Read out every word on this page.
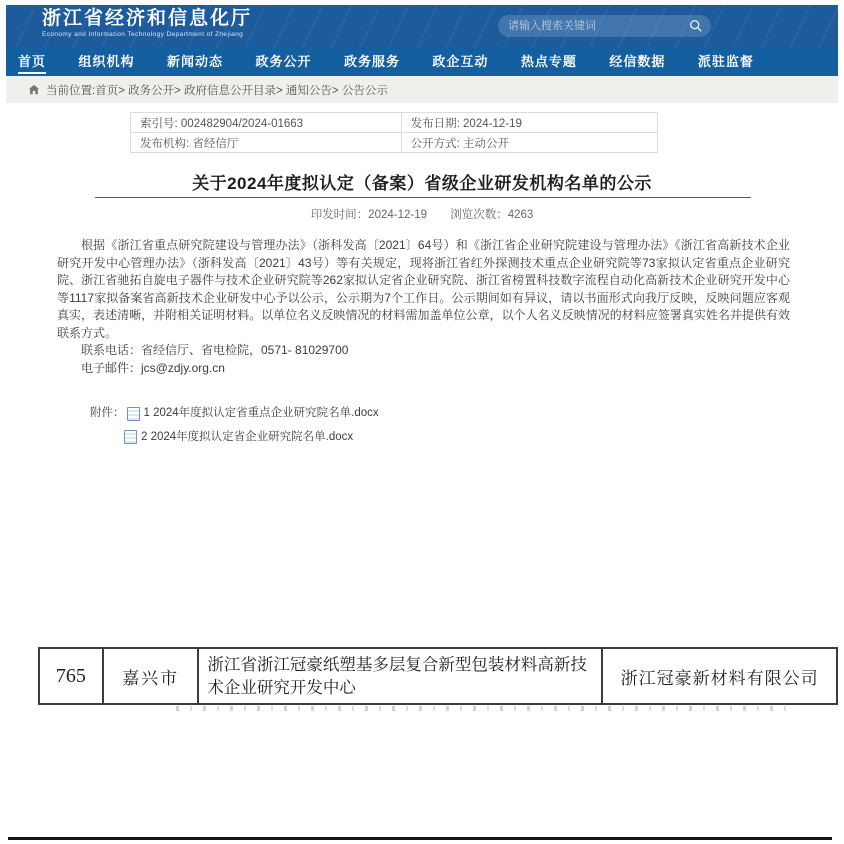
浙江省经济和信息化厅
Economy and Information Technology Department of Zhejiang
请输入搜索关键词
首页 组织机构 新闻动态 政务公开 政务服务 政企互动 热点专题 经信数据 派驻监督
当前位置:首页> 政务公开> 政府信息公开目录> 通知公告> 公告公示
索引号: 002482904/2024-01663	发布日期: 2024-12-19
发布机构: 省经信厅	公开方式: 主动公开
关于2024年度拟认定（备案）省级企业研发机构名单的公示
印发时间：2024-12-19 浏览次数：4263

根据《浙江省重点研究院建设与管理办法》（浙科发高〔2021〕64号）和《浙江省企业研究院建设与管理办法》《浙江省高新技术企业研究开发中心管理办法》（浙科发高〔2021〕43号）等有关规定，现将浙江省红外探测技术重点企业研究院等73家拟认定省重点企业研究院、浙江省驰拓自旋电子器件与技术企业研究院等262家拟认定省企业研究院、浙江省榜置科技数字流程自动化高新技术企业研究开发中心等1117家拟备案省高新技术企业研发中心予以公示，公示期为7个工作日。公示期间如有异议，请以书面形式向我厅反映，反映问题应客观真实，表述清晰，并附相关证明材料。以单位名义反映情况的材料需加盖单位公章，以个人名义反映情况的材料应签署真实姓名并提供有效联系方式。

联系电话：省经信厅、省电检院，0571- 81029700
电子邮件：jcs@zdjy.org.cn
附件： 1 2024年度拟认定省重点企业研究院名单.docx
2 2024年度拟认定省企业研究院名单.docx
765	嘉兴市	浙江省浙江冠豪纸塑基多层复合新型包装材料高新技术企业研究开发中心	浙江冠豪新材料有限公司
